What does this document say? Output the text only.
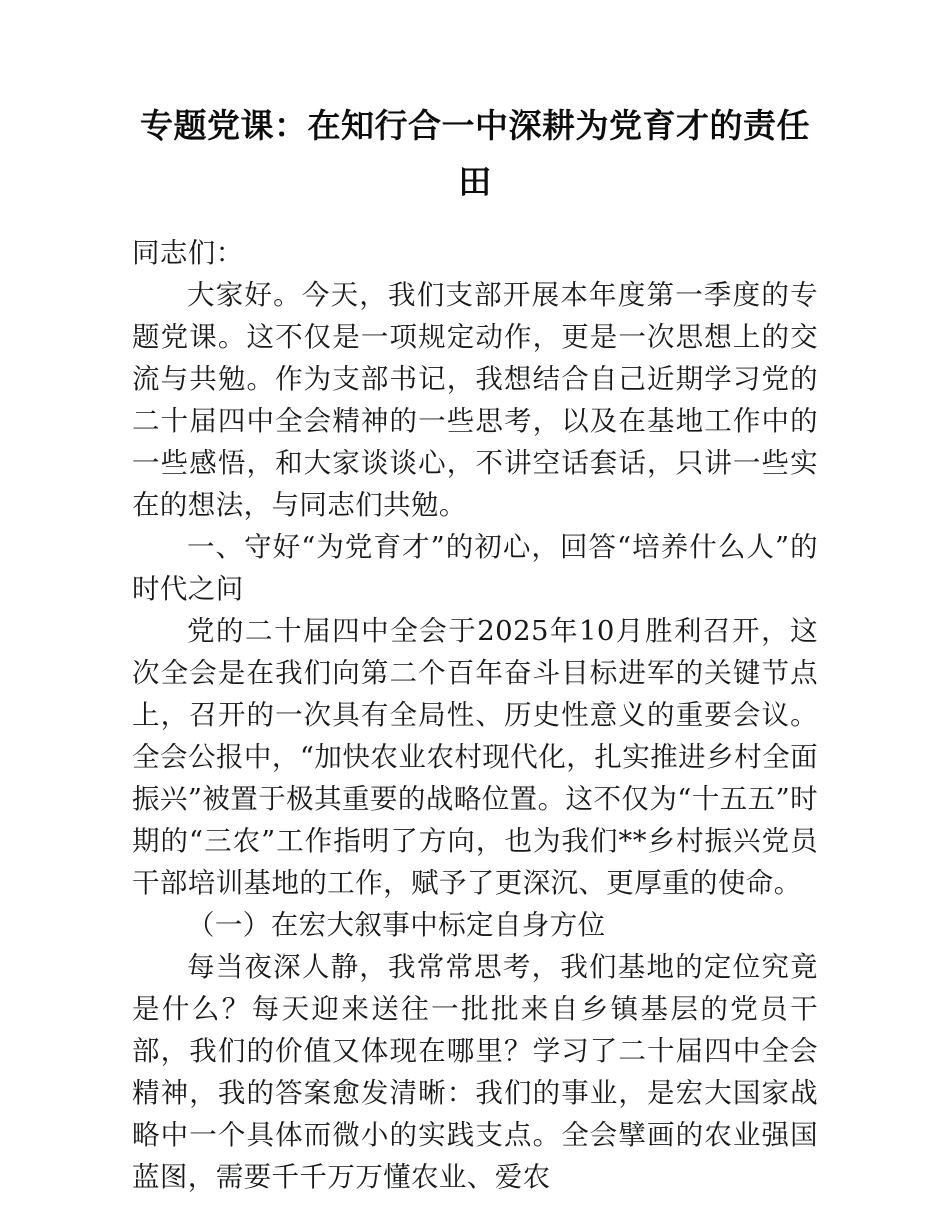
专题党课：在知行合一中深耕为党育才的责任田

同志们：

大家好。今天，我们支部开展本年度第一季度的专题党课。这不仅是一项规定动作，更是一次思想上的交流与共勉。作为支部书记，我想结合自己近期学习党的二十届四中全会精神的一些思考，以及在基地工作中的一些感悟，和大家谈谈心，不讲空话套话，只讲一些实在的想法，与同志们共勉。

一、守好“为党育才”的初心，回答“培养什么人”的时代之问

党的二十届四中全会于2025年10月胜利召开，这次全会是在我们向第二个百年奋斗目标进军的关键节点上，召开的一次具有全局性、历史性意义的重要会议。全会公报中，“加快农业农村现代化，扎实推进乡村全面振兴”被置于极其重要的战略位置。这不仅为“十五五”时期的“三农”工作指明了方向，也为我们**乡村振兴党员干部培训基地的工作，赋予了更深沉、更厚重的使命。

（一）在宏大叙事中标定自身方位

每当夜深人静，我常常思考，我们基地的定位究竟是什么？每天迎来送往一批批来自乡镇基层的党员干部，我们的价值又体现在哪里？学习了二十届四中全会精神，我的答案愈发清晰：我们的事业，是宏大国家战略中一个具体而微小的实践支点。全会擘画的农业强国蓝图，需要千千万万懂农业、爱农
